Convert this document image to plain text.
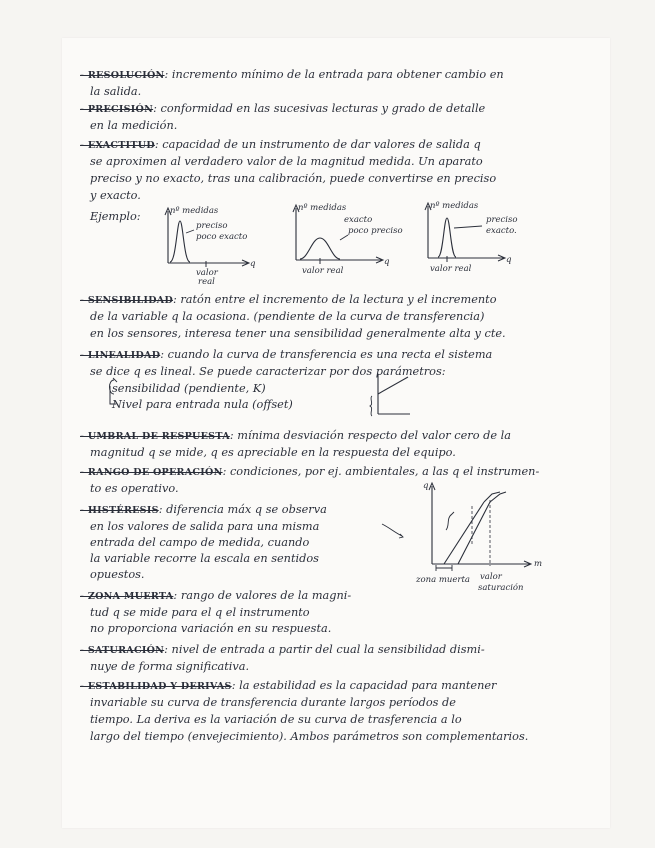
- RESOLUCIÓN: incremento mínimo de la entrada para obtener cambio en
la salida.
- PRECISIÓN: conformidad en las sucesivas lecturas y grado de detalle
en la medición.
- EXACTITUD: capacidad de un instrumento de dar valores de salida q
se aproximen al verdadero valor de la magnitud medida. Un aparato
preciso y no exacto, tras una calibración, puede convertirse en preciso
y exacto.
- SENSIBILIDAD: ratón entre el incremento de la lectura y el incremento
de la variable q la ocasiona. (pendiente de la curva de transferencia)
en los sensores, interesa tener una sensibilidad generalmente alta y cte.
- LINEALIDAD: cuando la curva de transferencia es una recta el sistema
se dice q es lineal. Se puede caracterizar por dos parámetros:
sensibilidad (pendiente, K)
Nivel para entrada nula (offset)
- UMBRAL DE RESPUESTA: mínima desviación respecto del valor cero de la
magnitud q se mide, q es apreciable en la respuesta del equipo.
- RANGO DE OPERACIÓN: condiciones, por ej. ambientales, a las q el instrumen-
to es operativo.
- HISTÉRESIS: diferencia máx q se observa
en los valores de salida para una misma
entrada del campo de medida, cuando
la variable recorre la escala en sentidos
opuestos.
- ZONA MUERTA: rango de valores de la magni-
tud q se mide para el q el instrumento
no proporciona variación en su respuesta.
- SATURACIÓN: nivel de entrada a partir del cual la sensibilidad dismi-
nuye de forma significativa.
- ESTABILIDAD Y DERIVAS: la estabilidad es la capacidad para mantener
invariable su curva de transferencia durante largos períodos de
tiempo. La deriva es la variación de su curva de trasferencia a lo
largo del tiempo (envejecimiento). Ambos parámetros son complementarios.
Ejemplo:	nº medidas
preciso
poco exacto
q
valor
real
nº medidas
exacto
poco preciso
q
valor real
nº medidas
preciso
exacto.
q
valor real
q
m
zona muerta valor
saturación
